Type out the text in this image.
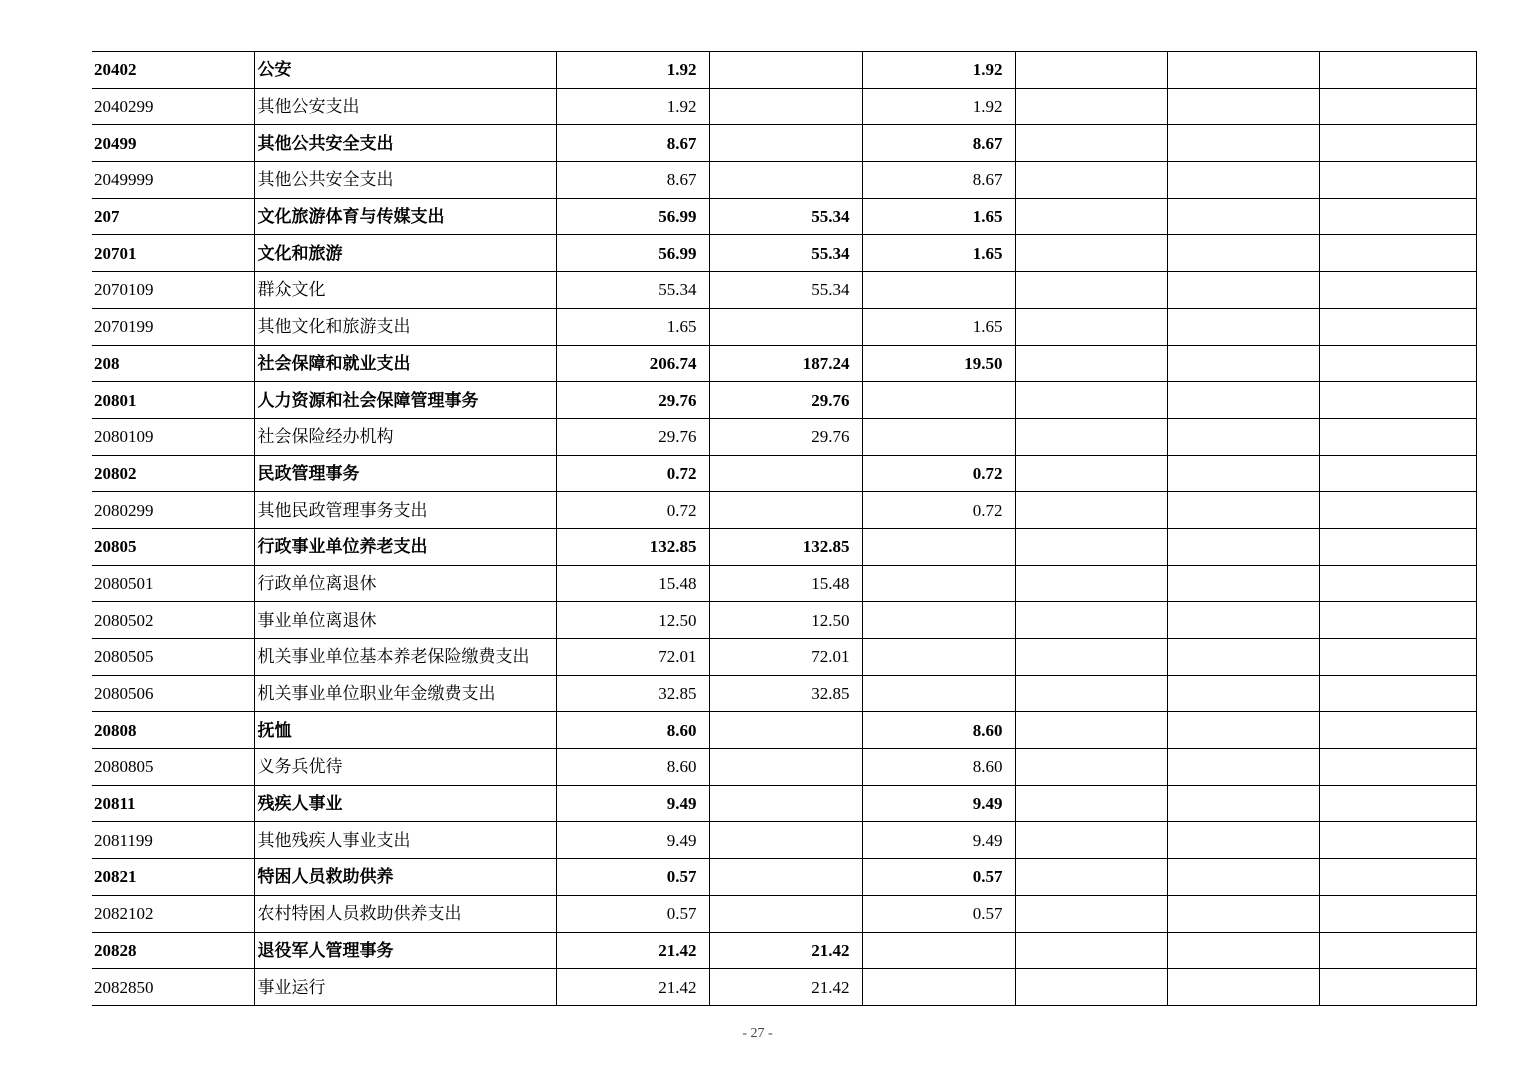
20402	公安	1.92		1.92			
2040299	其他公安支出	1.92		1.92			
20499	其他公共安全支出	8.67		8.67			
2049999	其他公共安全支出	8.67		8.67			
207	文化旅游体育与传媒支出	56.99	55.34	1.65			
20701	文化和旅游	56.99	55.34	1.65			
2070109	群众文化	55.34	55.34				
2070199	其他文化和旅游支出	1.65		1.65			
208	社会保障和就业支出	206.74	187.24	19.50			
20801	人力资源和社会保障管理事务	29.76	29.76				
2080109	社会保险经办机构	29.76	29.76				
20802	民政管理事务	0.72		0.72			
2080299	其他民政管理事务支出	0.72		0.72			
20805	行政事业单位养老支出	132.85	132.85				
2080501	行政单位离退休	15.48	15.48				
2080502	事业单位离退休	12.50	12.50				
2080505	机关事业单位基本养老保险缴费支出	72.01	72.01				
2080506	机关事业单位职业年金缴费支出	32.85	32.85				
20808	抚恤	8.60		8.60			
2080805	义务兵优待	8.60		8.60			
20811	残疾人事业	9.49		9.49			
2081199	其他残疾人事业支出	9.49		9.49			
20821	特困人员救助供养	0.57		0.57			
2082102	农村特困人员救助供养支出	0.57		0.57			
20828	退役军人管理事务	21.42	21.42				
2082850	事业运行	21.42	21.42				
- 27 -
